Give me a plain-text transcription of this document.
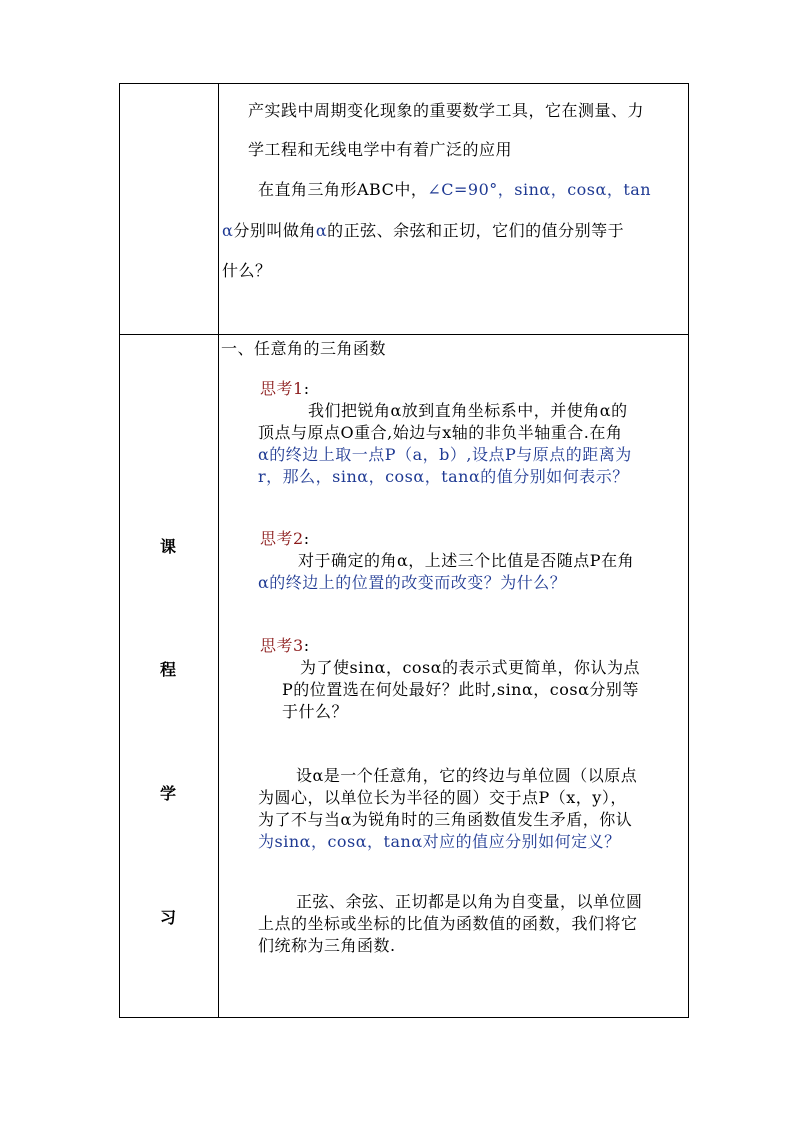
产实践中周期变化现象的重要数学工具，它在测量、力
学工程和无线电学中有着广泛的应用
在直角三角形ABC中，∠C=90°，sinα，cosα，tan
α分别叫做角α的正弦、余弦和正切，它们的值分别等于
什么？
课
程
学
习
一、任意角的三角函数
思考1:
我们把锐角α放到直角坐标系中，并使角α的
顶点与原点O重合,始边与x轴的非负半轴重合.在角
α的终边上取一点P（a，b）,设点P与原点的距离为
r，那么，sinα，cosα，tanα的值分别如何表示？
思考2:
对于确定的角α，上述三个比值是否随点P在角
α的终边上的位置的改变而改变？为什么？
思考3:
为了使sinα，cosα的表示式更简单，你认为点
P的位置选在何处最好？此时,sinα，cosα分别等
于什么？
设α是一个任意角，它的终边与单位圆（以原点
为圆心，以单位长为半径的圆）交于点P（x，y），
为了不与当α为锐角时的三角函数值发生矛盾，你认
为sinα，cosα，tanα对应的值应分别如何定义？
正弦、余弦、正切都是以角为自变量，以单位圆
上点的坐标或坐标的比值为函数值的函数，我们将它
们统称为三角函数.
